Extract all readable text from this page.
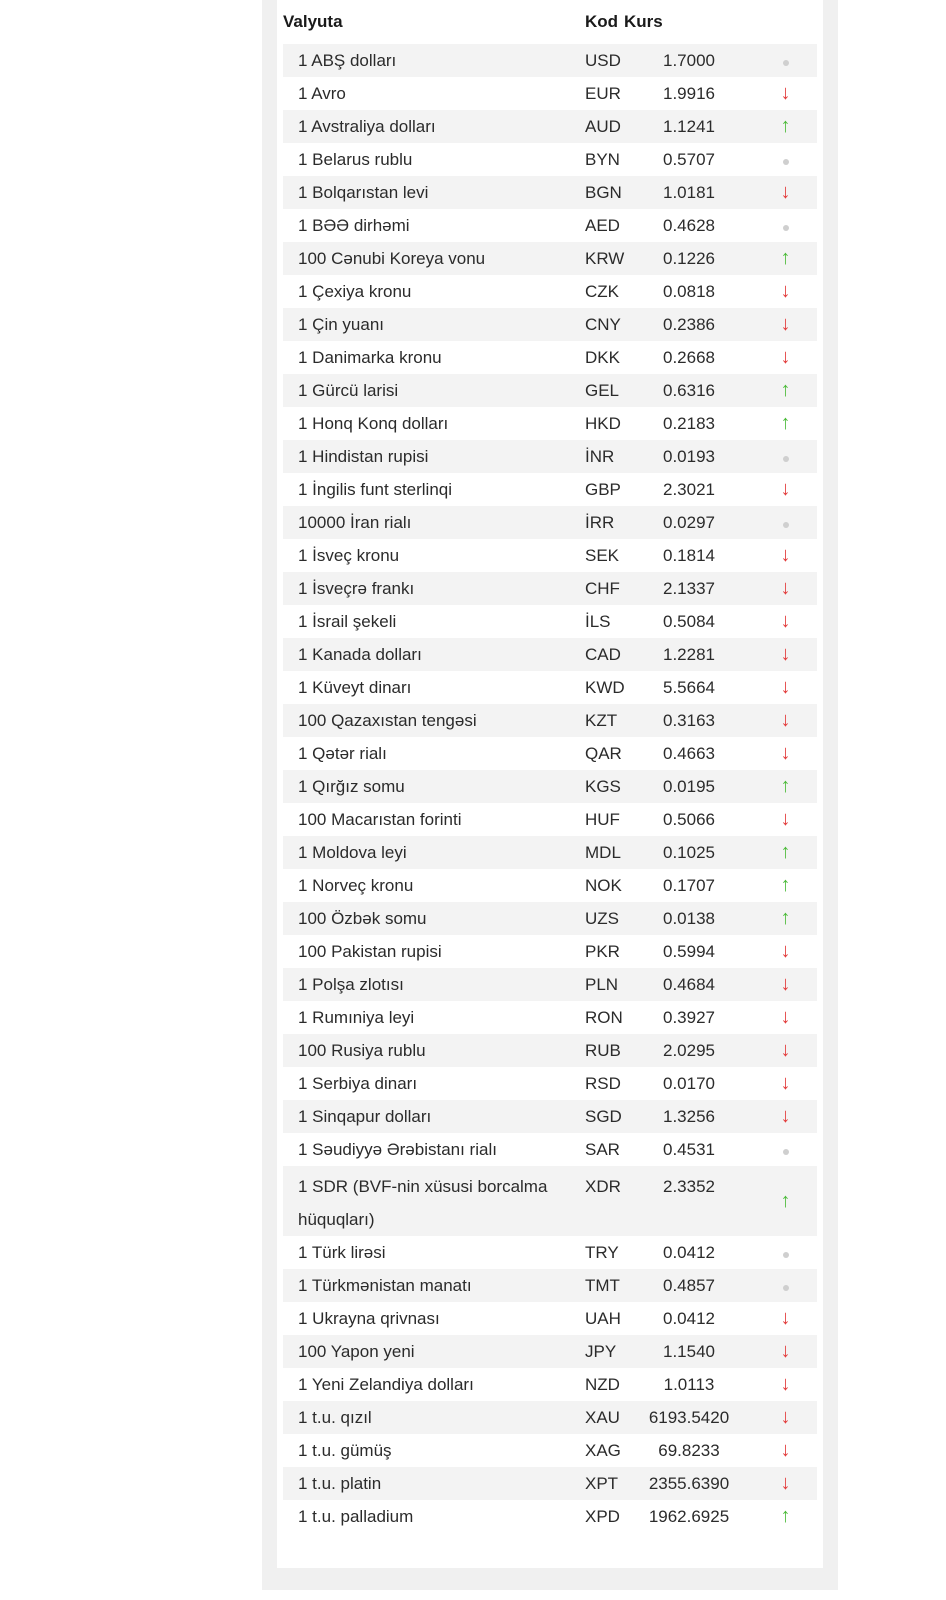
Valyuta	Kod	Kurs	
1 ABŞ dolları	USD	1.7000	
1 Avro	EUR	1.9916	↓
1 Avstraliya dolları	AUD	1.1241	↑
1 Belarus rublu	BYN	0.5707	
1 Bolqarıstan levi	BGN	1.0181	↓
1 BƏƏ dirhəmi	AED	0.4628	
100 Cənubi Koreya vonu	KRW	0.1226	↑
1 Çexiya kronu	CZK	0.0818	↓
1 Çin yuanı	CNY	0.2386	↓
1 Danimarka kronu	DKK	0.2668	↓
1 Gürcü larisi	GEL	0.6316	↑
1 Honq Konq dolları	HKD	0.2183	↑
1 Hindistan rupisi	İNR	0.0193	
1 İngilis funt sterlinqi	GBP	2.3021	↓
10000 İran rialı	İRR	0.0297	
1 İsveç kronu	SEK	0.1814	↓
1 İsveçrə frankı	CHF	2.1337	↓
1 İsrail şekeli	İLS	0.5084	↓
1 Kanada dolları	CAD	1.2281	↓
1 Küveyt dinarı	KWD	5.5664	↓
100 Qazaxıstan tengəsi	KZT	0.3163	↓
1 Qətər rialı	QAR	0.4663	↓
1 Qırğız somu	KGS	0.0195	↑
100 Macarıstan forinti	HUF	0.5066	↓
1 Moldova leyi	MDL	0.1025	↑
1 Norveç kronu	NOK	0.1707	↑
100 Özbək somu	UZS	0.0138	↑
100 Pakistan rupisi	PKR	0.5994	↓
1 Polşa zlotısı	PLN	0.4684	↓
1 Rumıniya leyi	RON	0.3927	↓
100 Rusiya rublu	RUB	2.0295	↓
1 Serbiya dinarı	RSD	0.0170	↓
1 Sinqapur dolları	SGD	1.3256	↓
1 Səudiyyə Ərəbistanı rialı	SAR	0.4531	

1 SDR (BVF-nin xüsusi borcalma hüquqları)	XDR	2.3352	↑
1 Türk lirəsi	TRY	0.0412	
1 Türkmənistan manatı	TMT	0.4857	
1 Ukrayna qrivnası	UAH	0.0412	↓
100 Yapon yeni	JPY	1.1540	↓
1 Yeni Zelandiya dolları	NZD	1.0113	↓
1 t.u. qızıl	XAU	6193.5420	↓
1 t.u. gümüş	XAG	69.8233	↓
1 t.u. platin	XPT	2355.6390	↓
1 t.u. palladium	XPD	1962.6925	↑
